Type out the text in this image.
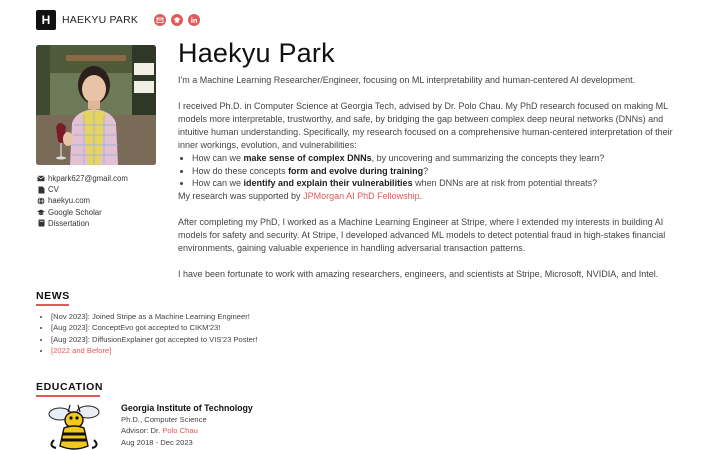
H	HAEKYU PARK
hkpark627@gmail.com
CV
haekyu.com
Google Scholar
Dissertation
Haekyu Park

I'm a Machine Learning Researcher/Engineer, focusing on ML interpretability and human-centered AI development.

I received Ph.D. in Computer Science at Georgia Tech, advised by Dr. Polo Chau. My PhD research focused on making ML models more interpretable, trustworthy, and safe, by bridging the gap between complex deep neural networks (DNNs) and intuitive human understanding. Specifically, my research focused on a comprehensive human-centered interpretation of their inner workings, evolution, and vulnerabilities:
• How can we make sense of complex DNNs, by uncovering and summarizing the concepts they learn?
• How do these concepts form and evolve during training?
• How can we identify and explain their vulnerabilities when DNNs are at risk from potential threats?
My research was supported by JPMorgan AI PhD Fellowship.

After completing my PhD, I worked as a Machine Learning Engineer at Stripe, where I extended my interests in building AI models for safety and security. At Stripe, I developed advanced ML models to detect potential fraud in high-stakes financial environments, gaining valuable experience in handling adversarial transaction patterns.

I have been fortunate to work with amazing researchers, engineers, and scientists at Stripe, Microsoft, NVIDIA, and Intel.

NEWS
• [Nov 2023]: Joined Stripe as a Machine Learning Engineer!
• [Aug 2023]: ConceptEvo got accepted to CIKM'23!
• [Aug 2023]: DiffusionExplainer got accepted to VIS'23 Poster!
• [2022 and Before]
EDUCATION
Georgia Institute of Technology
Ph.D., Computer Science
Advisor: Dr. Polo Chau
Aug 2018 - Dec 2023
